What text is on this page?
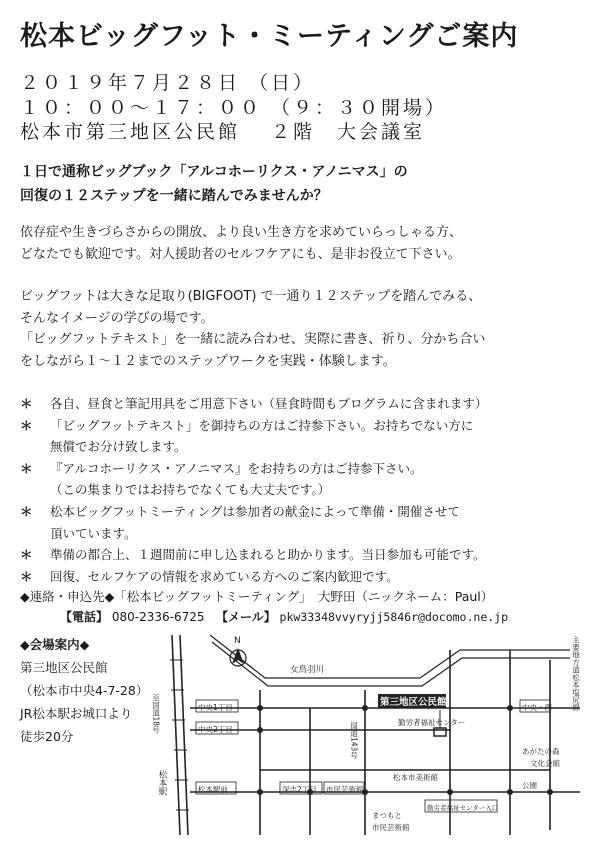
松本ビッグフット・ミーティングご案内
２０１９年７月２８日 （日）
１０：００～１７：００ （９：３０開場）
松本市第三地区公民館　 ２階　大会議室
１日で通称ビッグブック「アルコホーリクス・アノニマス」の
回復の１２ステップを一緒に踏んでみませんか？
依存症や生きづらさからの開放、より良い生き方を求めていらっしゃる方、
どなたでも歓迎です。対人援助者のセルフケアにも、是非お役立て下さい。
ビッグフットは大きな足取り(BIGFOOT) で一通り１２ステップを踏んでみる、
そんなイメージの学びの場です。
「ビッグフットテキスト」を一緒に読み合わせ、実際に書き、祈り、分かち合い
をしながら１～１２までのステップワークを実践・体験します。
＊	各自、昼食と筆記用具をご用意下さい（昼食時間もプログラムに含まれます）
＊	「ビッグフットテキスト」を御持ちの方はご持参下さい。お持ちでない方に
無償でお分け致します。
＊	『アルコホーリクス・アノニマス』をお持ちの方はご持参下さい。
（この集まりではお持ちでなくても大丈夫です。）
＊	松本ビッグフットミーティングは参加者の献金によって準備・開催させて
頂いています。
＊	準備の都合上、１週間前に申し込まれると助かります。当日参加も可能です。
＊	回復、セルフケアの情報を求めている方へのご案内歓迎です。
◆連絡・申込先◆「松本ビッグフットミーティング」　大野田（ニックネーム：Paul）
【電話】 080-2336-6725 【メール】 pkw33348vvyryjj5846r@docomo.ne.jp
◆会場案内◆
第三地区公民館
（松本市中央4-7-28）
JR松本駅お城口より
徒歩20分
N
第三地区公民館
中央1丁目
中央2丁目
中央・西
女鳥羽川
勤労者福祉センター
松本駅前	深志2丁目 市民芸術館
松本市美術館
勤労者福祉センター入口
まつもと
市民芸術館
あがたの森
文化会館
公園
主要地方道松本塩尻線
国道143号
至国道18号
松本駅
